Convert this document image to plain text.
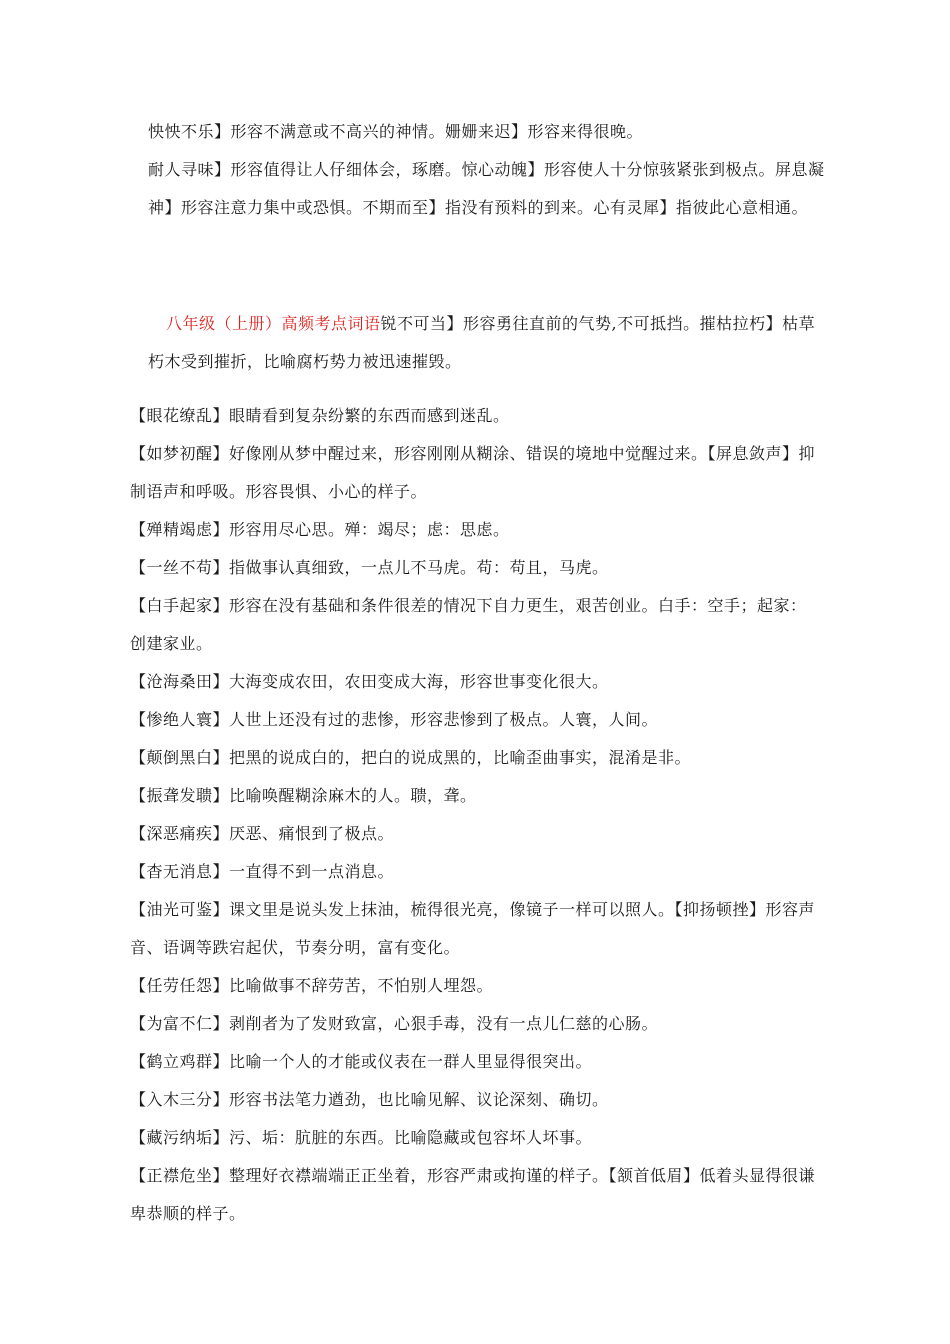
怏怏不乐】形容不满意或不高兴的神情。姗姗来迟】形容来得很晚。

耐人寻味】形容值得让人仔细体会，琢磨。惊心动魄】形容使人十分惊骇紧张到极点。屏息凝神】形容注意力集中或恐惧。不期而至】指没有预料的到来。心有灵犀】指彼此心意相通。

八年级（上册）高频考点词语锐不可当】形容勇往直前的气势,不可抵挡。摧枯拉朽】枯草朽木受到摧折，比喻腐朽势力被迅速摧毁。

【眼花缭乱】眼睛看到复杂纷繁的东西而感到迷乱。

【如梦初醒】好像刚从梦中醒过来，形容刚刚从糊涂、错误的境地中觉醒过来。【屏息敛声】抑制语声和呼吸。形容畏惧、小心的样子。

【殚精竭虑】形容用尽心思。殚：竭尽；虑：思虑。

【一丝不苟】指做事认真细致，一点儿不马虎。苟：苟且，马虎。

【白手起家】形容在没有基础和条件很差的情况下自力更生，艰苦创业。白手：空手；起家：创建家业。

【沧海桑田】大海变成农田，农田变成大海，形容世事变化很大。

【惨绝人寰】人世上还没有过的悲惨，形容悲惨到了极点。人寰，人间。

【颠倒黑白】把黑的说成白的，把白的说成黑的，比喻歪曲事实，混淆是非。

【振聋发聩】比喻唤醒糊涂麻木的人。聩，聋。

【深恶痛疾】厌恶、痛恨到了极点。

【杳无消息】一直得不到一点消息。

【油光可鉴】课文里是说头发上抹油，梳得很光亮，像镜子一样可以照人。【抑扬顿挫】形容声音、语调等跌宕起伏，节奏分明，富有变化。

【任劳任怨】比喻做事不辞劳苦，不怕别人埋怨。

【为富不仁】剥削者为了发财致富，心狠手毒，没有一点儿仁慈的心肠。

【鹤立鸡群】比喻一个人的才能或仪表在一群人里显得很突出。

【入木三分】形容书法笔力遒劲，也比喻见解、议论深刻、确切。

【藏污纳垢】污、垢：肮脏的东西。比喻隐藏或包容坏人坏事。

【正襟危坐】整理好衣襟端端正正坐着，形容严肃或拘谨的样子。【颔首低眉】低着头显得很谦卑恭顺的样子。
